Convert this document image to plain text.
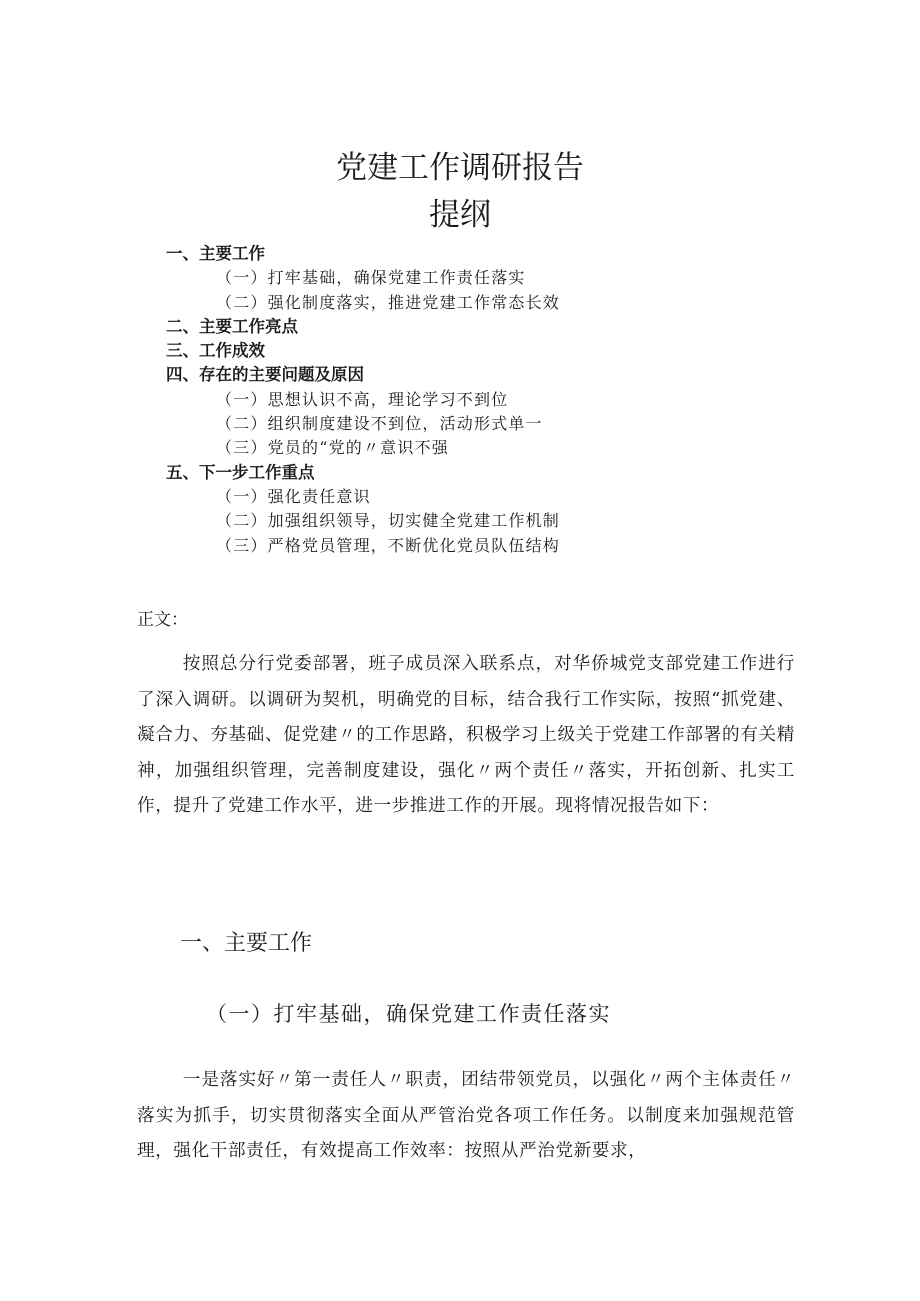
党建工作调研报告
提纲
一、主要工作
（一）打牢基础，确保党建工作责任落实
（二）强化制度落实，推进党建工作常态长效
二、主要工作亮点
三、工作成效
四、存在的主要问题及原因
（一）思想认识不高，理论学习不到位
（二）组织制度建设不到位，活动形式单一
（三）党员的“党的〃意识不强
五、下一步工作重点
（一）强化责任意识
（二）加强组织领导，切实健全党建工作机制
（三）严格党员管理，不断优化党员队伍结构

正文：

按照总分行党委部署，班子成员深入联系点，对华侨城党支部党建工作进行了深入调研。以调研为契机，明确党的目标，结合我行工作实际，按照“抓党建、凝合力、夯基础、促党建〃的工作思路，积极学习上级关于党建工作部署的有关精神，加强组织管理，完善制度建设，强化〃两个责任〃落实，开拓创新、扎实工作，提升了党建工作水平，进一步推进工作的开展。现将情况报告如下：

一、主要工作
（一）打牢基础，确保党建工作责任落实

一是落实好〃第一责任人〃职责，团结带领党员，以强化〃两个主体责任〃落实为抓手，切实贯彻落实全面从严管治党各项工作任务。以制度来加强规范管理，强化干部责任，有效提高工作效率：按照从严治党新要求，
